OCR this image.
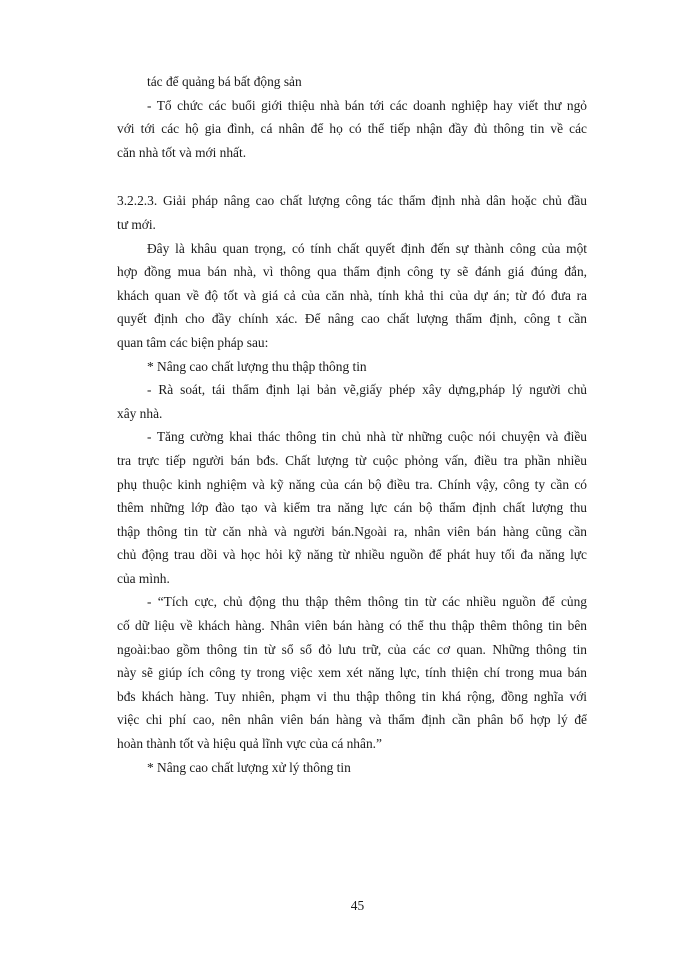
tác để quảng bá bất động sản
- Tổ chức các buổi giới thiệu nhà bán tới các doanh nghiệp hay viết thư ngỏ
với tới các hộ gia đình, cá nhân để họ có thể tiếp nhận đầy đủ thông tin về các
căn nhà tốt và mới nhất.
3.2.2.3. Giải pháp nâng cao chất lượng công tác thẩm định nhà dân hoặc chủ đầu
tư mới.
Đây là khâu quan trọng, có tính chất quyết định đến sự thành công của một
hợp đồng mua bán nhà, vì thông qua thẩm định công ty sẽ đánh giá đúng đắn,
khách quan về độ tốt và giá cả của căn nhà, tính khả thi của dự án; từ đó đưa ra
quyết định cho đầy chính xác. Để nâng cao chất lượng thẩm định, công t cần
quan tâm các biện pháp sau:
* Nâng cao chất lượng thu thập thông tin
- Rà soát, tái thẩm định lại bản vẽ,giấy phép xây dựng,pháp lý người chủ
xây nhà.
- Tăng cường khai thác thông tin chủ nhà từ những cuộc nói chuyện và điều
tra trực tiếp người bán bđs. Chất lượng từ cuộc phỏng vấn, điều tra phần nhiều
phụ thuộc kinh nghiệm và kỹ năng của cán bộ điều tra. Chính vậy, công ty cần có
thêm những lớp đào tạo và kiểm tra năng lực cán bộ thẩm định chất lượng thu
thập thông tin từ căn nhà và người bán.Ngoài ra, nhân viên bán hàng cũng cần
chủ động trau dồi và học hỏi kỹ năng từ nhiều nguồn để phát huy tối đa năng lực
của mình.
- “Tích cực, chủ động thu thập thêm thông tin từ các nhiều nguồn để củng
cố dữ liệu về khách hàng. Nhân viên bán hàng có thể thu thập thêm thông tin bên
ngoài:bao gồm thông tin từ sổ sổ đỏ lưu trữ, của các cơ quan. Những thông tin
này sẽ giúp ích công ty trong việc xem xét năng lực, tính thiện chí trong mua bán
bđs khách hàng. Tuy nhiên, phạm vi thu thập thông tin khá rộng, đồng nghĩa với
việc chi phí cao, nên nhân viên bán hàng và thẩm định cần phân bổ hợp lý để
hoàn thành tốt và hiệu quả lĩnh vực của cá nhân.”
* Nâng cao chất lượng xử lý thông tin
45
